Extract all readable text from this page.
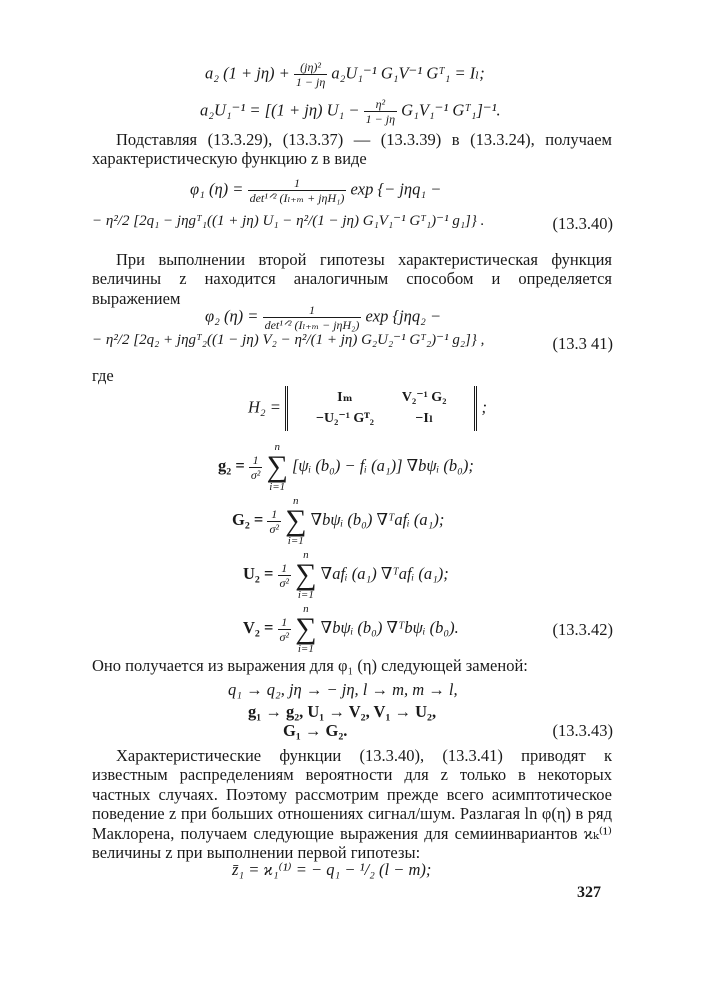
a₂ $(1 + j\eta) + \frac{\text{(jη)²}}{1 - j\eta} a_2U_1^{-1}$ G₁V⁻¹ Gᵀ₁ = Iₗ;
a₂U₁⁻¹ = [(1 + jη) $U_1 - \frac{\text{η²}}{1 - j\eta} G_1V_1^{-1}$ Gᵀ₁]⁻¹.
Подставляя (13.3.29), (13.3.37) — (13.3.39) в (13.3.24), получаем характеристическую функцию z в виде
φ₁ $(\eta) = \frac{1}{\text{det¹ᐟ² (Iₗ₊ₘ + jηH₁)}}$ exp {− jηq₁ −
− η²/2 [2q₁ − jηgᵀ₁((1 + jη) U₁ − η²/(1 − jη) G₁V₁⁻¹ Gᵀ₁)⁻¹ g₁]} .	(13.3.40)
При выполнении второй гипотезы характеристическая функция величины z находится аналогичным способом и определяется выражением
φ₂ $(\eta) = \frac{1}{\text{det¹ᐟ² (Iₗ₊ₘ − jηH₂)}}$ exp {jηq₂ −
− η²/2 [2q₂ + jηgᵀ₂((1 − jη) V₂ − η²/(1 + jη) G₂U₂⁻¹ Gᵀ₂)⁻¹ g₂]} ,	(13.3 41)
где
H₂ =	Iₘ	V₂⁻¹ G₂
−U₂⁻¹ Gᵀ₂	−Iₗ
;
$g_2 = \frac{1}{\text{σ²}}$
n
∑
i=1 [ψᵢ (b₀) − fᵢ (a₁)] ∇bψᵢ (b₀);
$G_2 = \frac{1}{\text{σ²}}$
n
∑
i=1 ∇bψᵢ (b₀) ∇ᵀafᵢ (a₁);
$U_2 = \frac{1}{\text{σ²}}$
n
∑
i=1 ∇afᵢ (a₁) ∇ᵀafᵢ (a₁);
$V_2 = \frac{1}{\text{σ²}}$
n
∑
i=1 ∇bψᵢ (b₀) ∇ᵀbψᵢ (b₀).	(13.3.42)
Оно получается из выражения для φ₁ (η) следующей заменой:
q₁ → q₂, jη → − jη, l → m, m → l,
g₁ → g₂, U₁ → V₂, V₁ → U₂,
G₁ → G₂.	(13.3.43)
Характеристические функции (13.3.40), (13.3.41) приводят к известным распределениям вероятности для z только в некоторых частных случаях. Поэтому рассмотрим прежде всего асимптотическое поведение z при больших отношениях сигнал/шум. Разлагая ln φ(η) в ряд Маклорена, получаем следующие выражения для семиинвариантов ϰₖ⁽¹⁾ величины z при выполнении первой гипотезы:
z̄₁ = ϰ₁⁽¹⁾ = − q₁ − ¹/₂ (l − m);
327
